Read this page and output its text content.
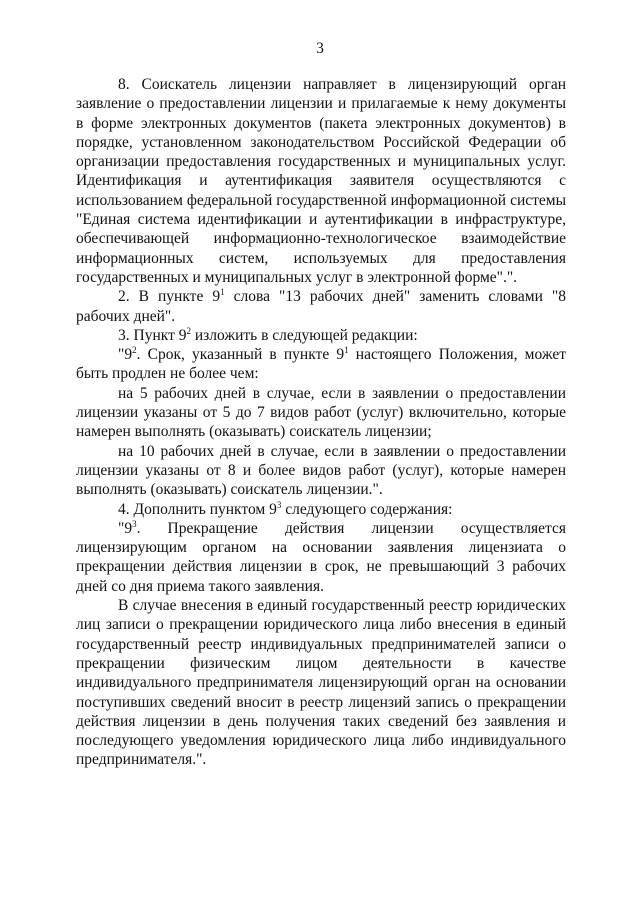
3

8. Соискатель лицензии направляет в лицензирующий орган заявление о предоставлении лицензии и прилагаемые к нему документы в форме электронных документов (пакета электронных документов) в порядке, установленном законодательством Российской Федерации об организации предоставления государственных и муниципальных услуг. Идентификация и аутентификация заявителя осуществляются с использованием федеральной государственной информационной системы "Единая система идентификации и аутентификации в инфраструктуре, обеспечивающей информационно-технологическое взаимодействие информационных систем, используемых для предоставления государственных и муниципальных услуг в электронной форме".".

2. В пункте $9^1$ слова "13 рабочих дней" заменить словами "8 рабочих дней".

3. Пункт $9^2$ изложить в следующей редакции:

"$9^2$. Срок, указанный в пункте $9^1$ настоящего Положения, может быть продлен не более чем:

на 5 рабочих дней в случае, если в заявлении о предоставлении лицензии указаны от 5 до 7 видов работ (услуг) включительно, которые намерен выполнять (оказывать) соискатель лицензии;

на 10 рабочих дней в случае, если в заявлении о предоставлении лицензии указаны от 8 и более видов работ (услуг), которые намерен выполнять (оказывать) соискатель лицензии.".

4. Дополнить пунктом $9^3$ следующего содержания:

"$9^3$. Прекращение действия лицензии осуществляется лицензирующим органом на основании заявления лицензиата о прекращении действия лицензии в срок, не превышающий 3 рабочих дней со дня приема такого заявления.

В случае внесения в единый государственный реестр юридических лиц записи о прекращении юридического лица либо внесения в единый государственный реестр индивидуальных предпринимателей записи о прекращении физическим лицом деятельности в качестве индивидуального предпринимателя лицензирующий орган на основании поступивших сведений вносит в реестр лицензий запись о прекращении действия лицензии в день получения таких сведений без заявления и последующего уведомления юридического лица либо индивидуального предпринимателя.".
